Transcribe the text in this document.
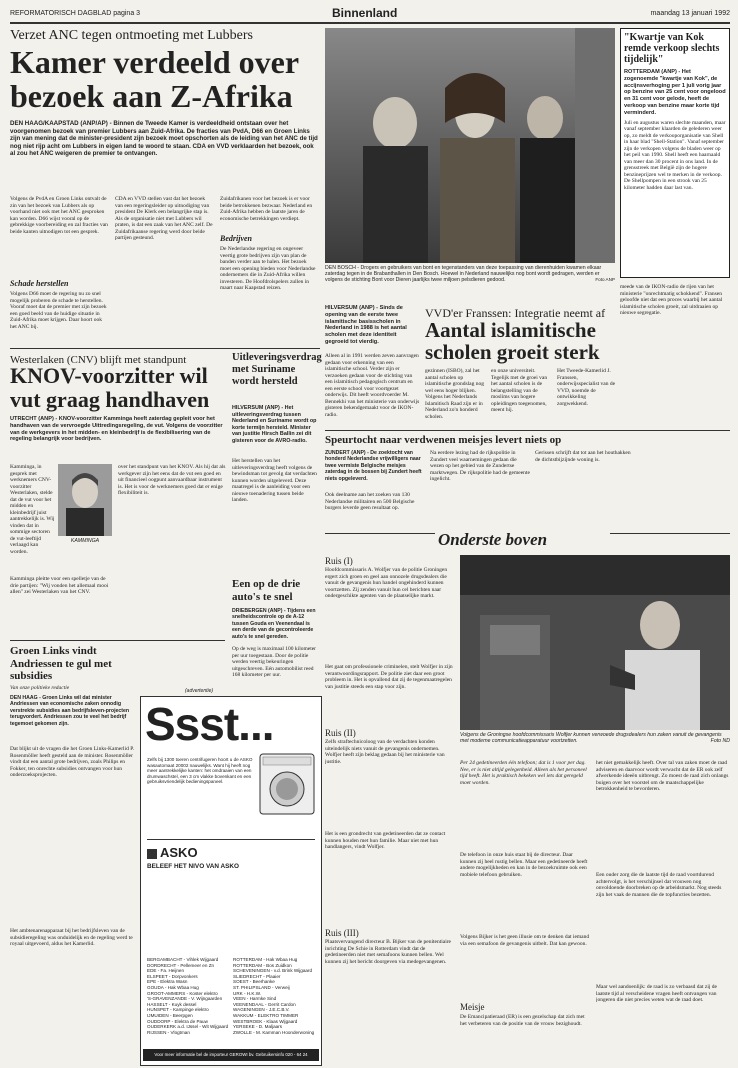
REFORMATORISCH DAGBLAD pagina 3	Binnenland	maandag 13 januari 1992
Verzet ANC tegen ontmoeting met Lubbers
Kamer verdeeld over
bezoek aan Z-Afrika
DEN HAAG/KAAPSTAD (ANP/AP) - Binnen de Tweede Kamer is verdeeldheid ontstaan over het voorgenomen bezoek van premier Lubbers aan Zuid-Afrika. De fracties van PvdA, D66 en Groen Links zijn van mening dat de minister-president zijn bezoek moet opschorten als de leiding van het ANC de tijd nog niet rijp acht om Lubbers in eigen land te woord te staan. CDA en VVD verklaarden het bezoek, ook al zou het ANC weigeren de premier te ontvangen.

Volgens de PvdA en Groen Links ontvalt de zin van het bezoek van Lubbers als op voorhand niet ook met het ANC gesproken kan worden. D66 wijst vooral op de gebrekkige voorbereiding en zal fracties van beide kanten uitnodigen tot een gesprek.

Schade herstellen

Volgens D66 moet de regering nu zo snel mogelijk proberen de schade te herstellen. Vooraf moet dat de premier met zijn bezoek een goed beeld van de huidige situatie in Zuid-Afrika moet krijgen. Daar hoort ook het ANC bij.

CDA en VVD stellen vast dat het bezoek van een regeringsleider op uitnodiging van president De Klerk een belangrijke stap is. Als de organisatie niet met Lubbers wil praten, is dat een zaak van het ANC zelf. De Zuidafrikaanse regering werd door beide partijen gesteund.

Zuidafrikanen voor het bezoek is er voor beide betrokkenen bezwaar. Nederland en Zuid-Afrika hebben de laatste jaren de economische betrekkingen verdiept.

Bedrijven

De Nederlandse regering en ongeveer veertig grote bedrijven zijn van plan de banden verder aan te halen. Het bezoek moet een opening bieden voor Nederlandse ondernemers die in Zuid-Afrika willen investeren. De Hoofdrolspelers zullen in maart naar Kaapstad reizen.

DEN BOSCH - Drogers en gebruikers van bont en tegenstanders van deze toepassing van dierenhuiden kwamen elkaar zaterdag tegen in de Brabanthallen in Den Bosch. Hoewel in Nederland nauwelijks nog bont wordt gedragen, werden er volgens de stichting Bont voor Dieren jaarlijks twee miljoen pelsdieren gedood.	Foto ANP
"Kwartje van Kok remde verkoop slechts tijdelijk"
ROTTERDAM (ANP) - Het zogenoemde "kwartje van Kok", de accijnsverhoging per 1 juli vorig jaar op benzine van 25 cent voor ongelood en 31 cent voor gelode, heeft de verkoop van benzine maar korte tijd verminderd.
Juli en augustus waren slechte maanden, maar vanaf september klaarden de gelederen weer op, zo meldt de verkooporganisatie van Shell in haar blad "Shell-Station". Vanaf september zijn de verkopen volgens de bladen weer op het peil van 1990. Shell heeft een haarnaald van meer dan 30 procent in ons land. In de grensstreek met België zijn de hogere benzineprijzen wel te merken in de verkoop. De Shellpompen in een strook van 25 kilometer hadden daar last van.
meede van de IKON-radio de rijen van het ministerie "onrechtmatig schokkend". Fransen geloofde niet dat een proces waarbij het aantal islamitische scholen groeit, zal uitdraaien op nieuwe segregatie.
HILVERSUM (ANP) - Sinds de opening van de eerste twee islamitische basisscholen in Nederland in 1988 is het aantal scholen met deze identiteit gegroeid tot vierdig.
Alleen al in 1991 werden zeven aanvragen gedaan voor erkenning van een islamitische school. Verder zijn er verzoeken gedaan voor de stichting van een islamitisch pedagogisch centrum en een eerste school voor voortgezet onderwijs. Dit heeft woordvoerder M. Bennekhi van het ministerie van onderwijs gisteren bekendgemaakt voor de IKON-radio.
VVD'er Franssen: Integratie neemt af
Aantal islamitische
scholen groeit sterk
gezinnen (ISBO), zal het aantal scholen op islamitische grondslag nog wel eens hoger blijken. Volgens het Nederlands Islamitisch Raad zijn er in Nederland zo'n honderd scholen.
en onze universiteit. Tegelijk met de groei van het aantal scholen is de belangstelling van de moslims van hogere opleidingen toegenomen, meent hij.
Het Tweede-Kamerlid J. Franssen, onderwijsspecialist van de VVD, noemde de ontwikkeling zorgwekkend.
Westerlaken (CNV) blijft met standpunt
KNOV-voorzitter wil
vut graag handhaven
UTRECHT (ANP) - KNOV-voorzitter Kamminga heeft zaterdag gepleit voor het handhaven van de vervroegde Uittredingsregeling, de vut. Volgens de voorzitter van de werkgevers in het midden- en kleinbedrijf is de flexibilisering van de regeling belangrijk voor bedrijven.
Kamminga, in gesprek met werknemers CNV-voorzitter Westerlaken, stelde dat de vut voor het midden en kleinbedrijf juist aantrekkelijk is. Wij vinden dat in sommige sectoren de vut-leeftijd verlaagd kan worden.
KAMMINGA
Kamminga pleitte voor een spelletje van de drie partijen: "Wij vonden het allemaal mooi allen" zei Westerlaken van het CNV.
over het standpunt van het KNOV. Als hij dat als werkgever zijn het eens dat de vut een goed en uit financieel oogpunt aanvaardbaar instrument is. Het is voor de werknemers goed dat er enige flexibiliteit is.
Uitleveringsverdrag met Suriname wordt hersteld
HILVERSUM (ANP) - Het uitleveringsverdrag tussen Nederland en Suriname wordt op korte termijn hersteld. Minister van justitie Hirsch Ballin zei dit gisteren voor de AVRO-radio.
Het herstellen van het uitleveringsverdrag heeft volgens de bewindsman tot gevolg dat verdachten kunnen worden uitgeleverd. Deze maatregel is de aanleiding voor een nieuwe toenadering tussen beide landen.
Een op de drie auto's te snel
DRIEBERGEN (ANP) - Tijdens een snelheidscontrole op de A-12 tussen Gouda en Veenendaal is een derde van de gecontroleerde auto's te snel gereden.
Op de weg is maximaal 100 kilometer per uur toegestaan. Door de politie werden veertig bekeuringen uitgeschreven. Eén automobilist reed 168 kilometer per uur.
Speurtocht naar verdwenen meisjes levert niets op
ZUNDERT (ANP) - De zoektocht van honderd Nederlandse vrijwilligers naar twee vermiste Belgische meisjes zaterdag in de bossen bij Zundert heeft niets opgeleverd.
Ook deelname aan het zoeken van 130 Nederlandse militairen en 500 Belgische burgers leverde geen resultaat op.
Na eerdere lezing had de rijkspolitie in Zundert veel waarnemingen gedaan die wezen op het gebied van de Zundertse marktwegen. De rijkspolitie had de gemeente ingelicht.
Gerissen schrijft dat tot aan het houthakken de dichtstbijzijnde woning is.
Onderste boven
Ruis (I)
Hoofdcommissaris A. Wolfjer van de politie Groningen ergert zich groen en geel aan onnozele drugsdealers die vanuit de gevangenis hun handel ongehinderd kunnen voortzetten. Zij zenden vanuit hun cel berichten naar ondergeschikte agenten van de plaatselijke markt.
Het gaat om professionele criminelen, stelt Wolfjer in zijn verantwoordingsrapport. De politie ziet daar een groot probleem in. Het is opvallend dat zij de tegenmaatregelen van justitie steeds een stap voor zijn.
Ruis (II)
Zelfs straftechnicoloog van de verdachten konden uiteindelijk niets vanuit de gevangenis ondernemen. Wolfjer heeft zijn beklag gedaan bij het ministerie van justitie.
Het is een grondrecht van gedetineerden dat ze contact kunnen houden met hun familie. Maar niet met hun handlangers, vindt Wolfjer.
Ruis (III)
Plaatsvervangend directeur B. Bijker van de penitentiaire inrichting De Schie in Rotterdam vindt dat de gedetineerden niet met semafoons kunnen bellen. Wel kunnen zij het bericht doorgeven via medegevangenen.
Volgens de Groningse hoofdcommissaris Wolfjer kunnen verwoede drugsdealers hun zaken vanuit de gevangenis met moderne communicatieapparatuur voortzetten.	Foto ND
Per 24 gedetineerden één telefoon; dat is 1 voor per dag. Nee, er is niet altijd gelegenheid. Alleen als het personeel tijd heeft. Het is praktisch bekeken wel iets dat geregeld moet worden.
De telefoon in onze huis staat bij de directeur. Daar kunnen zij heel rustig bellen. Maar een gedetineerde heeft andere mogelijkheden en kan in de bezoekruimte ook een mobiele telefoon gebruiken.
Volgens Bijker is het geen illusie om te denken dat iemand via een semafoon de gevangenis uitbelt. Dat kan gewoon.
Meisje
De Emancipatieraad (ER) is een gezelschap dat zich met het verbeteren van de positie van de vrouw bezighoudt.
het niet gemakkelijk heeft. Over tal van zaken moet de raad adviseren en daarvoor wordt verwacht dat de ER ook zelf afwerkende ideeën uitbrengt. Zo moest de raad zich onlangs buigen over het voorstel om de maatschappelijke betrokkenheid te bevorderen.
Een ouder zorg die de laatste tijd de raad voortdurend achtervolgt, is het verschijnsel dat vrouwen nog onvoldoende doorbreken op de arbeidsmarkt. Nog steeds zijn het vaak de mannen die de topfuncties bezetten.
Maar wel aandoenlijk: de raad is zo verbaasd dat zij de laatste tijd al verscheidene vragen heeft ontvangen van jongeren die niet precies weten wat de raad doet.
Groen Links vindt Andriessen te gul met subsidies
Van onze politieke redactie
DEN HAAG - Groen Links wil dat minister Andriessen van economische zaken onnodig verstrekte subsidies aan bedrijfsleven-projecten terugvordert. Andriessen zou te veel het bedrijf tegemoet gekomen zijn.
Dat blijkt uit de vragen die het Groen Links-Kamerlid P. Rosenmöller heeft gesteld aan de minister. Rosenmöller vindt dat een aantal grote bedrijven, zoals Philips en Fokker, ten onrechte subsidies ontvangen voor hun onderzoeksprojecten.
Het ambtenarenapparaat bij het bedrijfsleven van de subsidieregeling was onduidelijk en de regeling werd te royaal uitgevoerd, aldus het Kamerlid.
(advertentie)
Ssst...
Zelfs bij 1300 toeren centrifugeren hoort u de ASKO wasautomaat 20002 nauwelijks. Want hij heeft nog meer aantrekkelijke kanten: het omdraaien van een drumwaschstel, een 3 cm vlakke bovenkant en een gebruiksvriendelijk bedieningspaneel.
ASKO
BELEEF HET NIVO VAN ASKO
BERGAMBACHT - Vihlek Wijgaard
DORDRECHT - Pellemeer en Zn
EDE - Fa. Heijnen
ELSPEET - Dorpvonkers
EPE - Elektra Wasn
GOUDA - Hak Wbaa Hug
GROOT-AMMERS - Koster elektro
'S-GRAVENZANDE - V. Wijngaarden
HASSELT - Kuyk dessel
HUNSPET - Kampinge elektro
IJMUIDEN - Beerpgen
OUDDORP - Elektra de Pauw
OUDERKERK a.d. IJssel - Wit Wijgaard
RIJSSEN - Vlogtman
ROTTERDAM - Hak Wbaa Hug
ROTTERDAM - Bos Zuidkon
SCHEVENINGEN - v.d. Brink Wijgaard
SLIEDRECHT - Plaaier
SOEST - Beerhanke
ST. PHILIPSLAND - Verweij
URK - H.K.W.
VEEN - Harmke Sind
VEENENDAAL - Gerrit Cardon
WAGENINGEN - J.E.C.B.V.
WAKKUM - ELEKTRO TIMMER
WESTBROEK - Klaas Wijgaard
YERSEKE - D. Maljaars
ZWOLLE - M. Kamman Hoonderwoning
Voor meer informatie bel de importeur GEROWI bv. Gebruikersinfo 020 - 64 24
